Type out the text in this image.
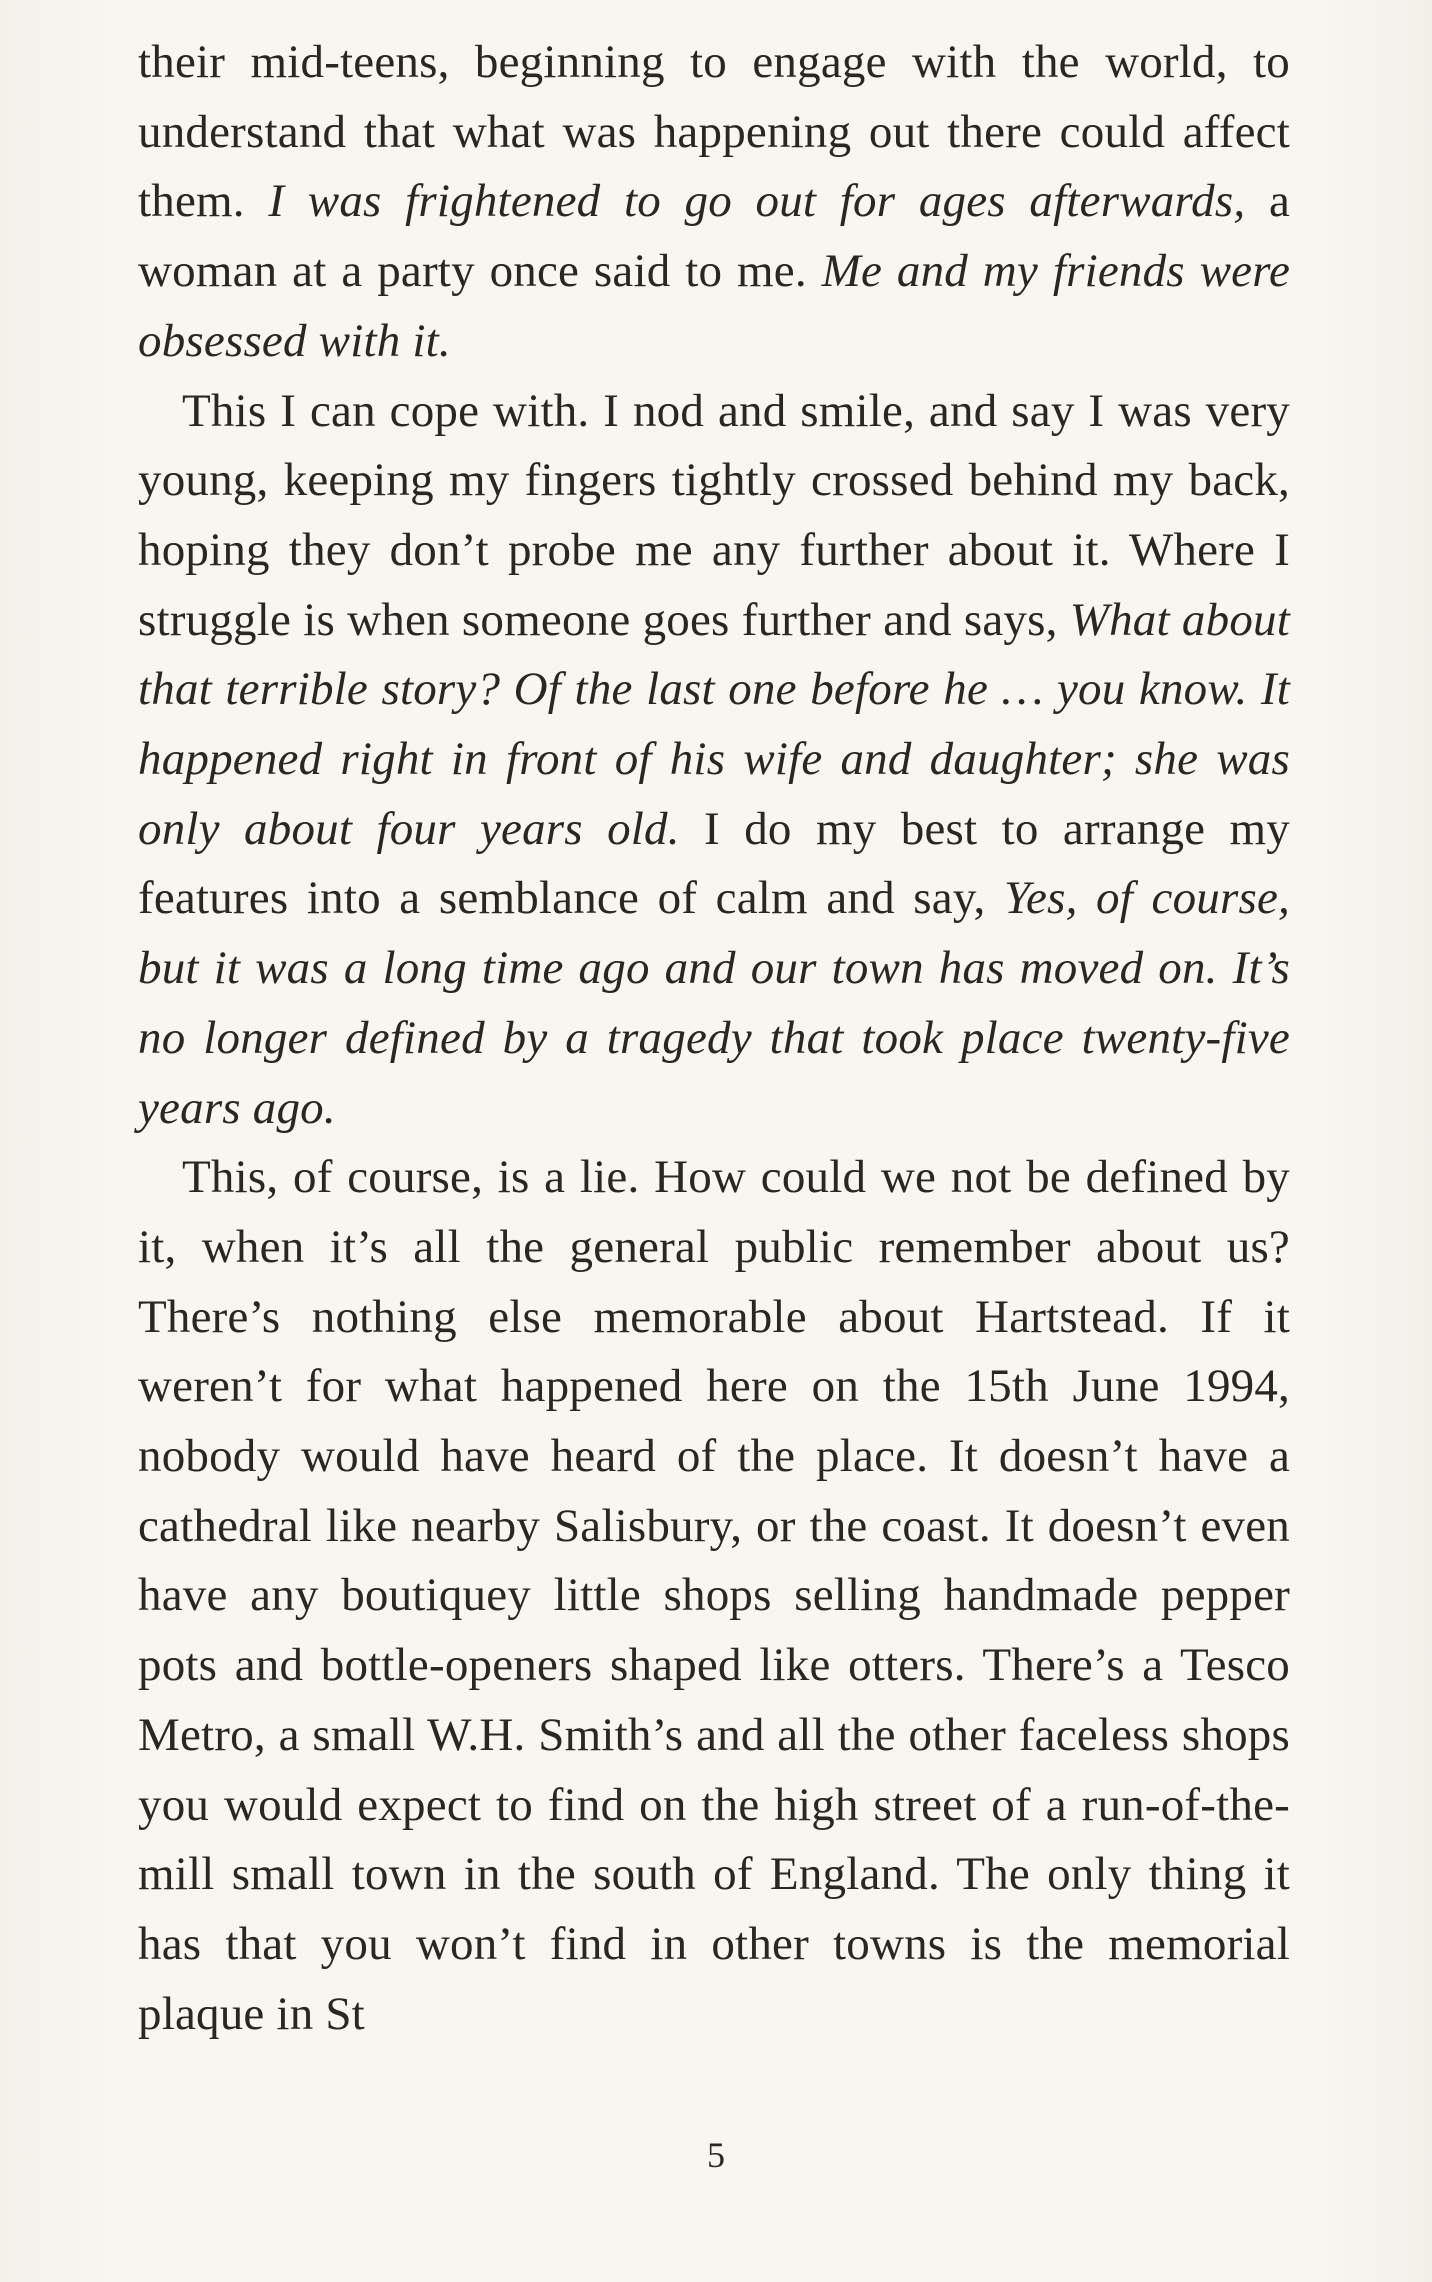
their mid-teens, beginning to engage with the world, to understand that what was happening out there could affect them. I was frightened to go out for ages afterwards, a woman at a party once said to me. Me and my friends were obsessed with it.

This I can cope with. I nod and smile, and say I was very young, keeping my fingers tightly crossed behind my back, hoping they don’t probe me any further about it. Where I struggle is when someone goes further and says, What about that terrible story? Of the last one before he … you know. It happened right in front of his wife and daughter; she was only about four years old. I do my best to arrange my features into a semblance of calm and say, Yes, of course, but it was a long time ago and our town has moved on. It’s no longer defined by a tragedy that took place twenty-five years ago.

This, of course, is a lie. How could we not be defined by it, when it’s all the general public remember about us? There’s nothing else memorable about Hartstead. If it weren’t for what happened here on the 15th June 1994, nobody would have heard of the place. It doesn’t have a cathedral like nearby Salisbury, or the coast. It doesn’t even have any boutiquey little shops selling handmade pepper pots and bottle-openers shaped like otters. There’s a Tesco Metro, a small W.H. Smith’s and all the other faceless shops you would expect to find on the high street of a run-of-the-mill small town in the south of England. The only thing it has that you won’t find in other towns is the memorial plaque in St

5
